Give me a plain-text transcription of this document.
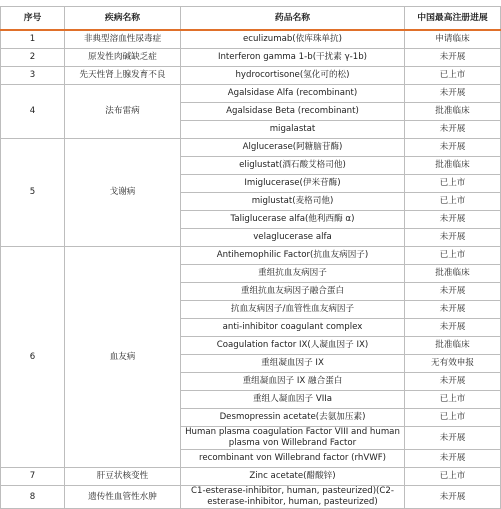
序号	疾病名称	药品名称	中国最高注册进展
1	非典型溶血性尿毒症	eculizumab(依库珠单抗)	申请临床
2	原发性肉碱缺乏症	Interferon gamma 1-b(干扰素 γ-1b)	未开展
3	先天性肾上腺发育不良	hydrocortisone(氢化可的松)	已上市
4	法布雷病	Agalsidase Alfa (recombinant)	未开展
		Agalsidase Beta (recombinant)	批准临床
		migalastat	未开展
5	戈谢病	Alglucerase(阿糖脑苷酶)	未开展
		eliglustat(酒石酸艾格司他)	批准临床
		Imiglucerase(伊米苷酶)	已上市
		miglustat(麦格司他)	已上市
		Taliglucerase alfa(他利西酶 α)	未开展
		velaglucerase alfa	未开展
6	血友病	Antihemophilic Factor(抗血友病因子)	已上市
		重组抗血友病因子	批准临床
		重组抗血友病因子融合蛋白	未开展
		抗血友病因子/血管性血友病因子	未开展
		anti-inhibitor coagulant complex	未开展
		Coagulation factor IX(人凝血因子 IX)	批准临床
		重组凝血因子 IX	无有效申报
		重组凝血因子 IX 融合蛋白	未开展
		重组人凝血因子 VIIa	已上市
		Desmopressin acetate(去氨加压素)	已上市
		Human plasma coagulation Factor VIII and human plasma von Willebrand Factor	未开展
		recombinant von Willebrand factor (rhVWF)	未开展
7	肝豆状核变性	Zinc acetate(醋酸锌)	已上市
8	遗传性血管性水肿	C1-esterase-inhibitor, human, pasteurized)(C2-esterase-inhibitor, human, pasteurized)	未开展
